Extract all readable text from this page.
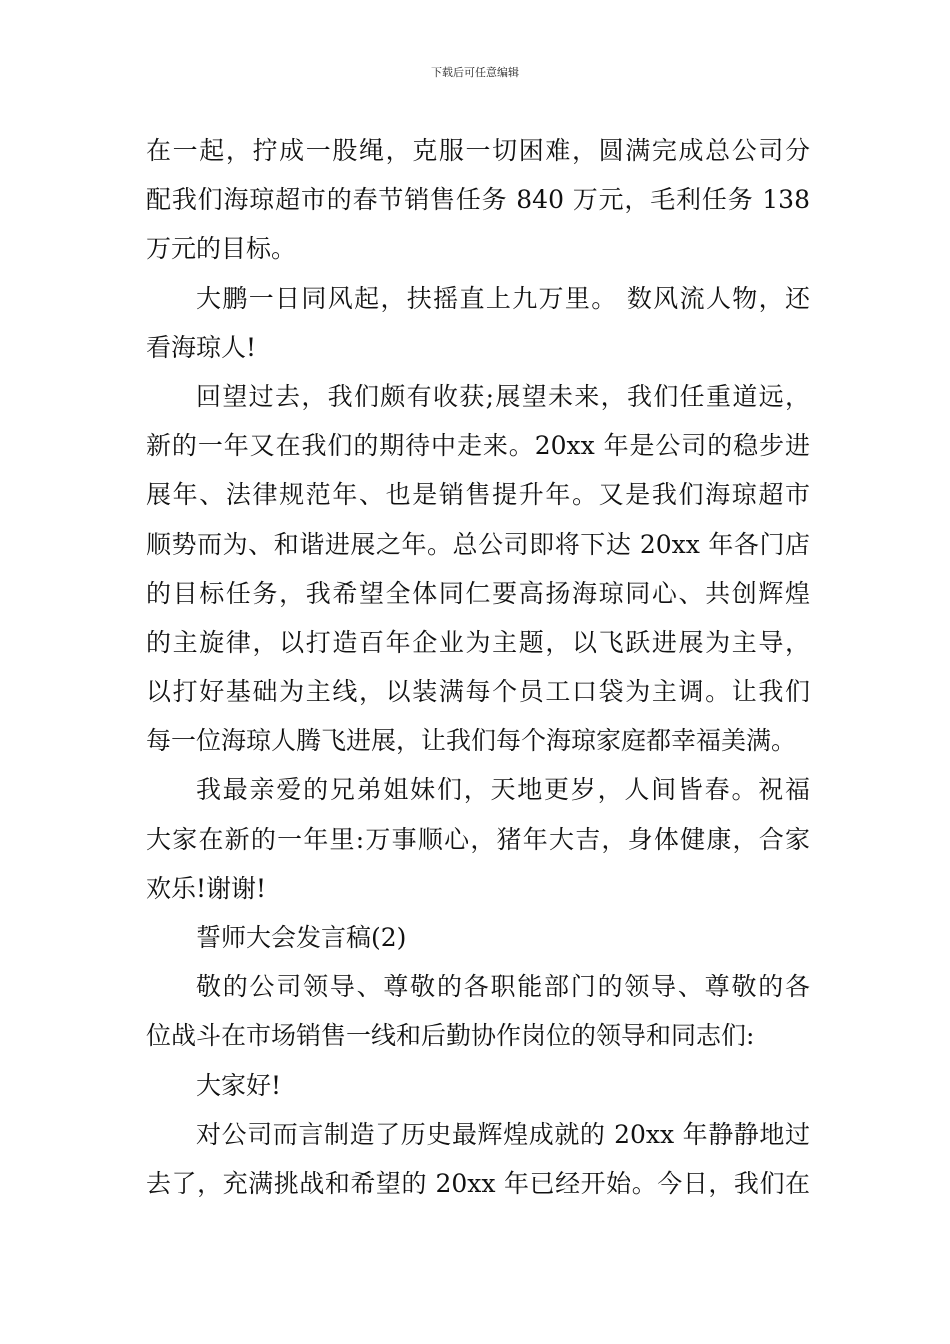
下载后可任意编辑
在一起，拧成一股绳，克服一切困难，圆满完成总公司分
配我们海琼超市的春节销售任务 840 万元，毛利任务 138
万元的目标。
大鹏一日同风起，扶摇直上九万里。 数风流人物，还
看海琼人!
回望过去，我们颇有收获;展望未来，我们任重道远，
新的一年又在我们的期待中走来。20xx 年是公司的稳步进
展年、法律规范年、也是销售提升年。又是我们海琼超市
顺势而为、和谐进展之年。总公司即将下达 20xx 年各门店
的目标任务，我希望全体同仁要高扬海琼同心、共创辉煌
的主旋律，以打造百年企业为主题，以飞跃进展为主导，
以打好基础为主线，以装满每个员工口袋为主调。让我们
每一位海琼人腾飞进展，让我们每个海琼家庭都幸福美满。
我最亲爱的兄弟姐妹们，天地更岁，人间皆春。祝福
大家在新的一年里:万事顺心，猪年大吉，身体健康，合家
欢乐!谢谢!
誓师大会发言稿(2)
敬的公司领导、尊敬的各职能部门的领导、尊敬的各
位战斗在市场销售一线和后勤协作岗位的领导和同志们:
大家好!
对公司而言制造了历史最辉煌成就的 20xx 年静静地过
去了，充满挑战和希望的 20xx 年已经开始。今日，我们在
